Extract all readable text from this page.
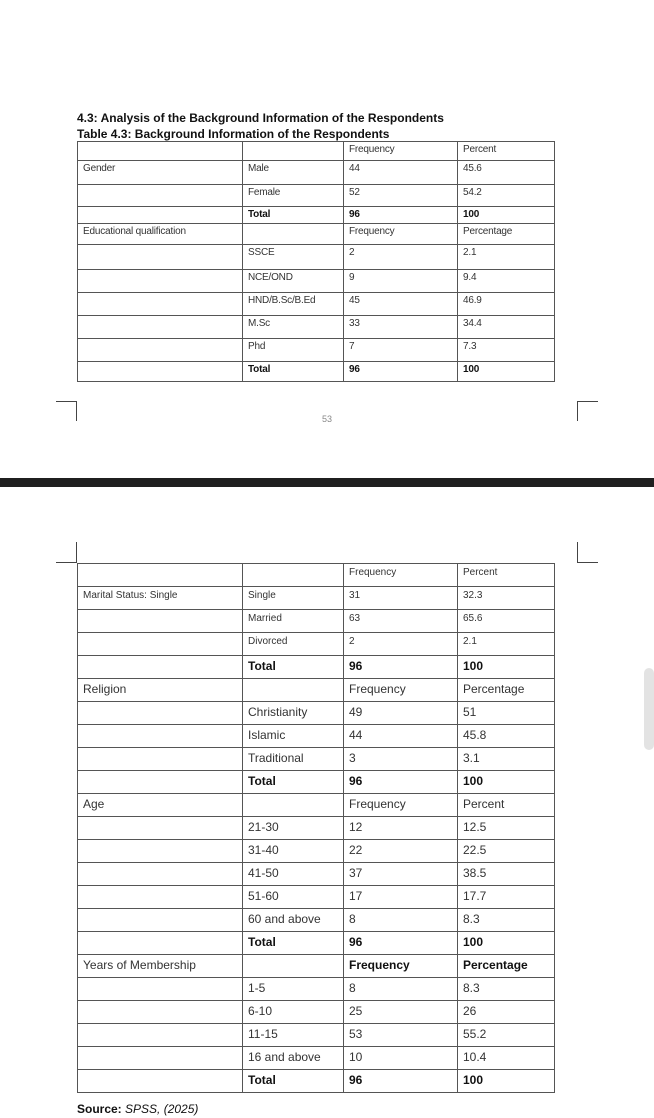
4.3: Analysis of the Background Information of the Respondents
Table 4.3: Background Information of the Respondents
		Frequency	Percent
Gender	Male	44	45.6
	Female	52	54.2
	Total	96	100
Educational qualification		Frequency	Percentage
	SSCE	2	2.1
	NCE/OND	9	9.4
	HND/B.Sc/B.Ed	45	46.9
	M.Sc	33	34.4
	Phd	7	7.3
	Total	96	100
53
		Frequency	Percent
Marital Status: Single	Single	31	32.3
	Married	63	65.6
	Divorced	2	2.1
	Total	96	100
Religion		Frequency	Percentage
	Christianity	49	51
	Islamic	44	45.8
	Traditional	3	3.1
	Total	96	100
Age		Frequency	Percent
	21-30	12	12.5
	31-40	22	22.5
	41-50	37	38.5
	51-60	17	17.7
	60 and above	8	8.3
	Total	96	100
Years of Membership		Frequency	Percentage
	1-5	8	8.3
	6-10	25	26
	11-15	53	55.2
	16 and above	10	10.4
	Total	96	100
Source: SPSS, (2025)
